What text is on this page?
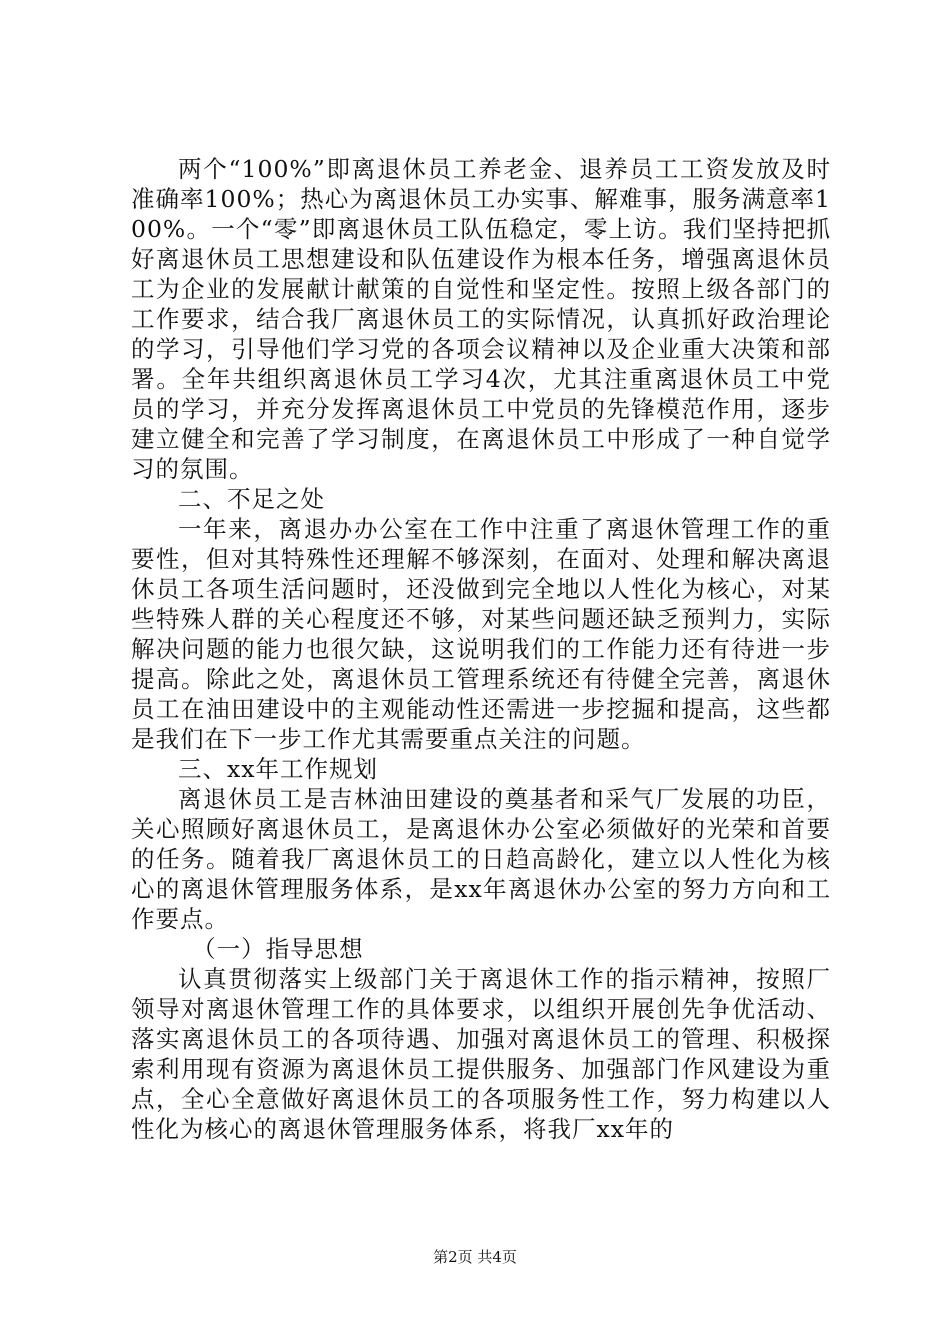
两个“100%”即离退休员工养老金、退养员工工资发放及时准确率100%；热心为离退休员工办实事、解难事，服务满意率100%。一个“零”即离退休员工队伍稳定，零上访。我们坚持把抓好离退休员工思想建设和队伍建设作为根本任务，增强离退休员工为企业的发展献计献策的自觉性和坚定性。按照上级各部门的工作要求，结合我厂离退休员工的实际情况，认真抓好政治理论的学习，引导他们学习党的各项会议精神以及企业重大决策和部署。全年共组织离退休员工学习4次，尤其注重离退休员工中党员的学习，并充分发挥离退休员工中党员的先锋模范作用，逐步建立健全和完善了学习制度，在离退休员工中形成了一种自觉学习的氛围。

二、不足之处

一年来，离退办办公室在工作中注重了离退休管理工作的重要性，但对其特殊性还理解不够深刻，在面对、处理和解决离退休员工各项生活问题时，还没做到完全地以人性化为核心，对某些特殊人群的关心程度还不够，对某些问题还缺乏预判力，实际解决问题的能力也很欠缺，这说明我们的工作能力还有待进一步提高。除此之处，离退休员工管理系统还有待健全完善，离退休员工在油田建设中的主观能动性还需进一步挖掘和提高，这些都是我们在下一步工作尤其需要重点关注的问题。

三、xx年工作规划

离退休员工是吉林油田建设的奠基者和采气厂发展的功臣，关心照顾好离退休员工，是离退休办公室必须做好的光荣和首要的任务。随着我厂离退休员工的日趋高龄化，建立以人性化为核心的离退休管理服务体系，是xx年离退休办公室的努力方向和工作要点。

（一）指导思想

认真贯彻落实上级部门关于离退休工作的指示精神，按照厂领导对离退休管理工作的具体要求，以组织开展创先争优活动、落实离退休员工的各项待遇、加强对离退休员工的管理、积极探索利用现有资源为离退休员工提供服务、加强部门作风建设为重点，全心全意做好离退休员工的各项服务性工作，努力构建以人性化为核心的离退休管理服务体系，将我厂xx年的

第2页 共4页
